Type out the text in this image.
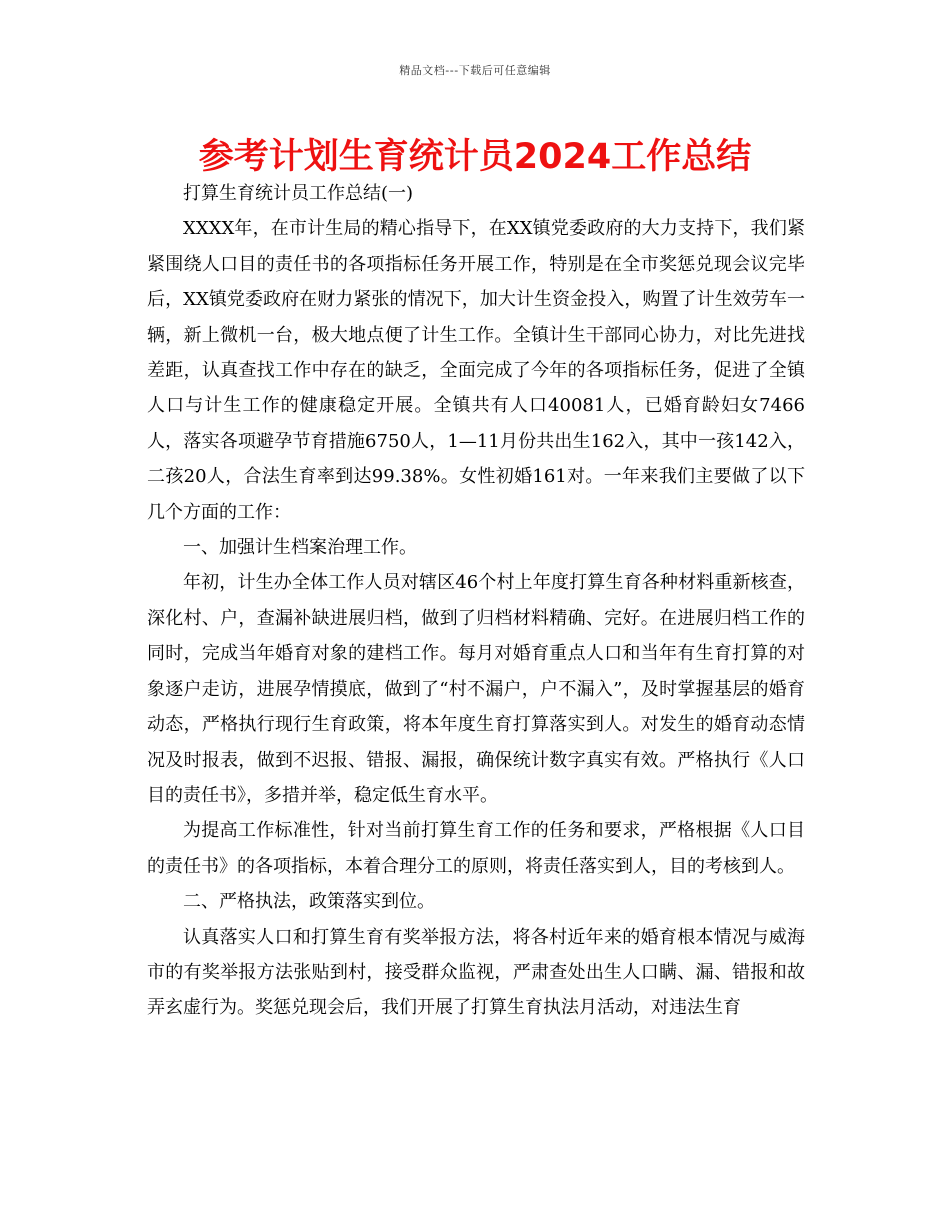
精品文档---下载后可任意编辑
参考计划生育统计员2024工作总结

打算生育统计员工作总结(一)

XXXX年，在市计生局的精心指导下，在XX镇党委政府的大力支持下，我们紧紧围绕人口目的责任书的各项指标任务开展工作，特别是在全市奖惩兑现会议完毕后，XX镇党委政府在财力紧张的情况下，加大计生资金投入，购置了计生效劳车一辆，新上微机一台，极大地点便了计生工作。全镇计生干部同心协力，对比先进找差距，认真查找工作中存在的缺乏，全面完成了今年的各项指标任务，促进了全镇人口与计生工作的健康稳定开展。全镇共有人口40081人，已婚育龄妇女7466人，落实各项避孕节育措施6750人，1—11月份共出生162入，其中一孩142入，二孩20人，合法生育率到达99.38%。女性初婚161对。一年来我们主要做了以下几个方面的工作：

一、加强计生档案治理工作。

年初，计生办全体工作人员对辖区46个村上年度打算生育各种材料重新核查，深化村、户，查漏补缺进展归档，做到了归档材料精确、完好。在进展归档工作的同时，完成当年婚育对象的建档工作。每月对婚育重点人口和当年有生育打算的对象逐户走访，进展孕情摸底，做到了“村不漏户，户不漏入”，及时掌握基层的婚育动态，严格执行现行生育政策，将本年度生育打算落实到人。对发生的婚育动态情况及时报表，做到不迟报、错报、漏报，确保统计数字真实有效。严格执行《人口目的责任书》，多措并举，稳定低生育水平。

为提高工作标准性，针对当前打算生育工作的任务和要求，严格根据《人口目的责任书》的各项指标，本着合理分工的原则，将责任落实到人，目的考核到人。

二、严格执法，政策落实到位。

认真落实人口和打算生育有奖举报方法，将各村近年来的婚育根本情况与威海市的有奖举报方法张贴到村，接受群众监视，严肃查处出生人口瞒、漏、错报和故弄玄虚行为。奖惩兑现会后，我们开展了打算生育执法月活动，对违法生育
